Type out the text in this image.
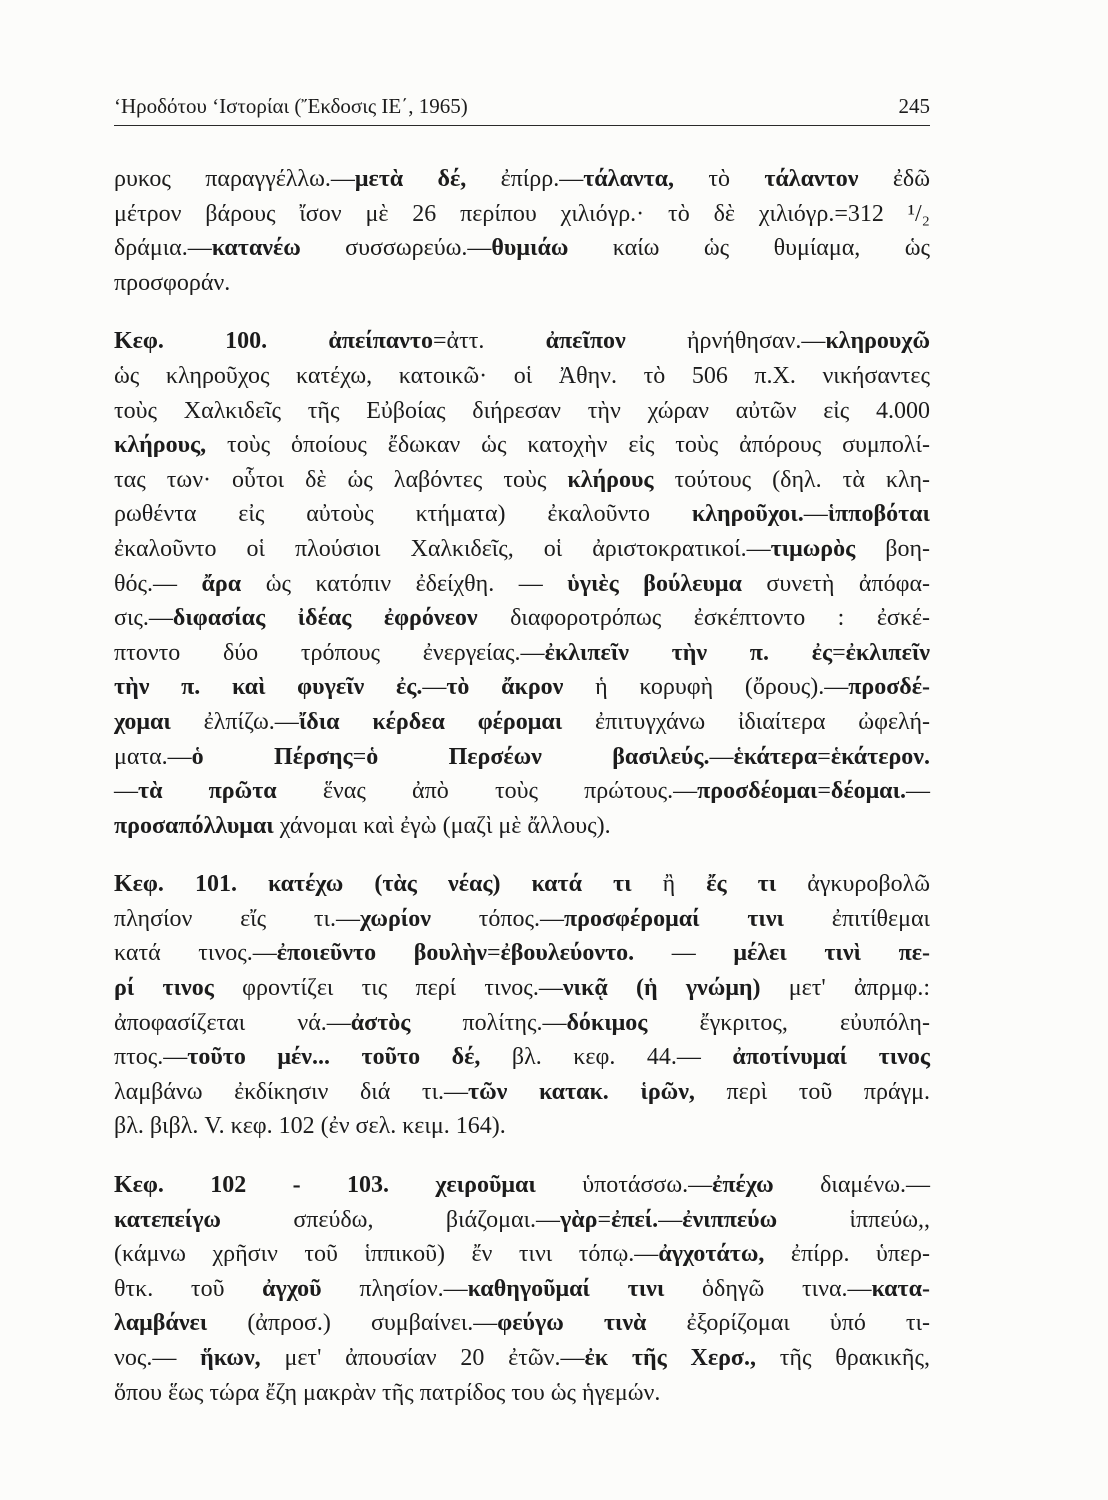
‘Ηροδότου ‘Ιστορίαι (Ἔκδοσις ΙΕ΄, 1965)	245
ρυκος παραγγέλλω.—μετὰ δέ, ἐπίρρ.—τάλαντα, τὸ τάλαντον ἐδῶ
μέτρον βάρους ἴσον μὲ 26 περίπου χιλιόγρ.· τὸ δὲ χιλιόγρ.=312 ¹/₂
δράμια.—κατανέω συσσωρεύω.—θυμιάω καίω ὡς θυμίαμα, ὡς
προσφοράν.
Κεφ. 100. ἀπείπαντο=ἀττ. ἀπεῖπον ἠρνήθησαν.—κληρουχῶ
ὡς κληροῦχος κατέχω, κατοικῶ· οἱ Ἀθην. τὸ 506 π.Χ. νικήσαντες
τοὺς Χαλκιδεῖς τῆς Εὐβοίας διήρεσαν τὴν χώραν αὐτῶν εἰς 4.000
κλήρους, τοὺς ὁποίους ἔδωκαν ὡς κατοχὴν εἰς τοὺς ἀπόρους συμπολί-
τας των· οὗτοι δὲ ὡς λαβόντες τοὺς κλήρους τούτους (δηλ. τὰ κλη-
ρωθέντα εἰς αὐτοὺς κτήματα) ἐκαλοῦντο κληροῦχοι.—ἱπποβόται
ἐκαλοῦντο οἱ πλούσιοι Χαλκιδεῖς, οἱ ἀριστοκρατικοί.—τιμωρὸς βοη-
θός.— ἄρα ὡς κατόπιν ἐδείχθη. — ὑγιὲς βούλευμα συνετὴ ἀπόφα-
σις.—διφασίας ἰδέας ἐφρόνεον διαφοροτρόπως ἐσκέπτοντο : ἐσκέ-
πτοντο δύο τρόπους ἐνεργείας.—ἐκλιπεῖν τὴν π. ἐς=ἐκλιπεῖν
τὴν π. καὶ φυγεῖν ἐς.—τὸ ἄκρον ἡ κορυφὴ (ὄρους).—προσδέ-
χομαι ἐλπίζω.—ἴδια κέρδεα φέρομαι ἐπιτυγχάνω ἰδιαίτερα ὠφελή-
ματα.—ὁ Πέρσης=ὁ Περσέων βασιλεύς.—ἑκάτερα=ἑκάτερον.
—τὰ πρῶτα ἕνας ἀπὸ τοὺς πρώτους.—προσδέομαι=δέομαι.—
προσαπόλλυμαι χάνομαι καὶ ἐγὼ (μαζὶ μὲ ἄλλους).
Κεφ. 101. κατέχω (τὰς νέας) κατά τι ἢ ἔς τι ἀγκυροβολῶ
πλησίον εἴς τι.—χωρίον τόπος.—προσφέρομαί τινι ἐπιτίθεμαι
κατά τινος.—ἐποιεῦντο βουλὴν=ἐβουλεύοντο. — μέλει τινὶ πε-
ρί τινος φροντίζει τις περί τινος.—νικᾷ (ἡ γνώμη) μετ' ἀπρμφ.:
ἀποφασίζεται νά.—ἀστὸς πολίτης.—δόκιμος ἔγκριτος, εὐυπόλη-
πτος.—τοῦτο μέν... τοῦτο δέ, βλ. κεφ. 44.— ἀποτίνυμαί τινος
λαμβάνω ἐκδίκησιν διά τι.—τῶν κατακ. ἱρῶν, περὶ τοῦ πράγμ.
βλ. βιβλ. V. κεφ. 102 (ἐν σελ. κειμ. 164).
Κεφ. 102 - 103. χειροῦμαι ὑποτάσσω.—ἐπέχω διαμένω.—
κατεπείγω σπεύδω, βιάζομαι.—γὰρ=ἐπεί.—ἐνιππεύω ἱππεύω,,
(κάμνω χρῆσιν τοῦ ἱππικοῦ) ἔν τινι τόπῳ.—ἀγχοτάτω, ἐπίρρ. ὑπερ-
θτκ. τοῦ ἀγχοῦ πλησίον.—καθηγοῦμαί τινι ὁδηγῶ τινα.—κατα-
λαμβάνει (ἀπροσ.) συμβαίνει.—φεύγω τινὰ ἐξορίζομαι ὑπό τι-
νος.— ἥκων, μετ' ἀπουσίαν 20 ἐτῶν.—ἐκ τῆς Χερσ., τῆς θρακικῆς,
ὅπου ἕως τώρα ἔζη μακρὰν τῆς πατρίδος του ὡς ἡγεμών.
